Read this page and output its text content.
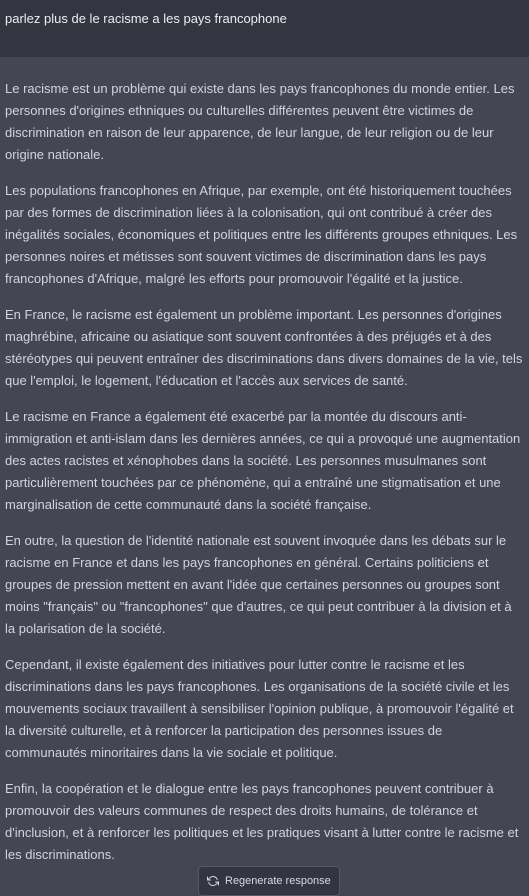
parlez plus de le racisme a les pays francophone

Le racisme est un problème qui existe dans les pays francophones du monde entier. Les personnes d'origines ethniques ou culturelles différentes peuvent être victimes de discrimination en raison de leur apparence, de leur langue, de leur religion ou de leur origine nationale.

Les populations francophones en Afrique, par exemple, ont été historiquement touchées par des formes de discrimination liées à la colonisation, qui ont contribué à créer des inégalités sociales, économiques et politiques entre les différents groupes ethniques. Les personnes noires et métisses sont souvent victimes de discrimination dans les pays francophones d'Afrique, malgré les efforts pour promouvoir l'égalité et la justice.

En France, le racisme est également un problème important. Les personnes d'origines maghrébine, africaine ou asiatique sont souvent confrontées à des préjugés et à des stéréotypes qui peuvent entraîner des discriminations dans divers domaines de la vie, tels que l'emploi, le logement, l'éducation et l'accès aux services de santé.

Le racisme en France a également été exacerbé par la montée du discours anti-immigration et anti-islam dans les dernières années, ce qui a provoqué une augmentation des actes racistes et xénophobes dans la société. Les personnes musulmanes sont particulièrement touchées par ce phénomène, qui a entraîné une stigmatisation et une marginalisation de cette communauté dans la société française.

En outre, la question de l'identité nationale est souvent invoquée dans les débats sur le racisme en France et dans les pays francophones en général. Certains politiciens et groupes de pression mettent en avant l'idée que certaines personnes ou groupes sont moins "français" ou "francophones" que d'autres, ce qui peut contribuer à la division et à la polarisation de la société.

Cependant, il existe également des initiatives pour lutter contre le racisme et les discriminations dans les pays francophones. Les organisations de la société civile et les mouvements sociaux travaillent à sensibiliser l'opinion publique, à promouvoir l'égalité et la diversité culturelle, et à renforcer la participation des personnes issues de communautés minoritaires dans la vie sociale et politique.

Enfin, la coopération et le dialogue entre les pays francophones peuvent contribuer à promouvoir des valeurs communes de respect des droits humains, de tolérance et d'inclusion, et à renforcer les politiques et les pratiques visant à lutter contre le racisme et les discriminations.

Regenerate response
